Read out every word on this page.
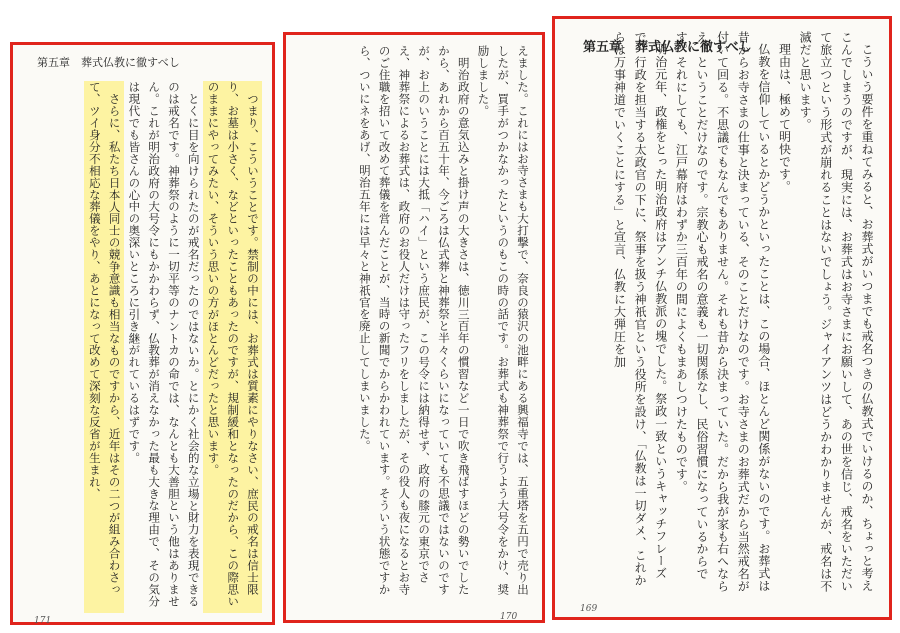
第五章　葬式仏教に徹すべし
つまり、こういうことです。禁制の中には、お葬式は質素にやりなさい、庶民の戒名は信士限り、お墓は小さく、などといったこともあったのですが、規制緩和となったのだから、この際思いのままにやってみたい、そういう思いの方がほとんどだったと思います。
とくに目を向けられたのが戒名だったのではないか。とにかく社会的な立場と財力を表現できるのは戒名です。神葬祭のように一切平等のナントカの命では、なんとも大善胆という他はありません。これが明治政府の大号令にもかかわらず、仏教葬が消えなかった最も大きな理由で、その気分は現代でも皆さんの心中の奥深いところに引き継がれているはずです。
さらに、私たち日本人同士の競争意識も相当なものですから、近年はその二つが組み合わさって、ツイ身分不相応な葬儀をやり、あとになって改めて深刻な反省が生まれ、	えました。これにはお寺さまも大打撃で、奈良の猿沢の池畔にある興福寺では、五重塔を五円で売り出したが、買手がつかなかったというのもこの時の話です。お葬式も神葬祭で行うよう大号令をかけ、奨励しました。
明治政府の意気込みと掛け声の大きさは、徳川三百年の慣習など一日で吹き飛ばすほどの勢いでしたから、あれから百五十年、今ごろは仏式葬と神葬祭と半々くらいになっていても不思議ではないのですが、お上のいうことには大抵「ハイ」という庶民が、この号令には納得せず、政府の膝元の東京でさえ、神葬祭によるお葬式は、政府のお役人だけは守ったフリをしましたが、その役人も夜になるとお寺のご住職を招いて改めて葬儀を営んだことが、当時の新聞でからかわれています。そういう状態ですから、ついにネをあげ、明治五年には早々と神祇官を廃止してしまいました。	第五章　葬式仏教に徹すべし	こういう要件を重ねてみると、お葬式がいつまでも戒名つきの仏教式でいけるのか、ちょっと考えこんでしまうのですが、現実には、お葬式はお寺さまにお願いして、あの世を信じ、戒名をいただいて旅立つという形式が崩れることはないでしょう。ジャイアンツはどうかわかりませんが、戒名は不滅だと思います。
理由は、極めて明快です。
仏教を信仰しているとかどうかといったことは、この場合、ほとんど関係がないのです。お葬式は昔からお寺さまの仕事と決まっている、そのことだけなのです。お寺さまのお葬式だから当然戒名が付いて回る。不思議でもなんでもありません。それも昔から決まっていた。だから我が家も右へならえ、ということだけなのです。宗教心も戒名の意義も一切関係なし、民俗習慣になっているからです。それにしても、江戸幕府はわずか三百年の間によくもまあしつけたものです。
明治元年、政権をとった明治政府はアンチ仏教派の塊でした。祭政一致というキャッチフレーズで、行政を担当する太政官の下に、祭事を扱う神祇官という役所を設け、「仏教は一切ダメ、これからは万事神道でいくことにする」と宣言、仏教に大弾圧を加
171	170
169
